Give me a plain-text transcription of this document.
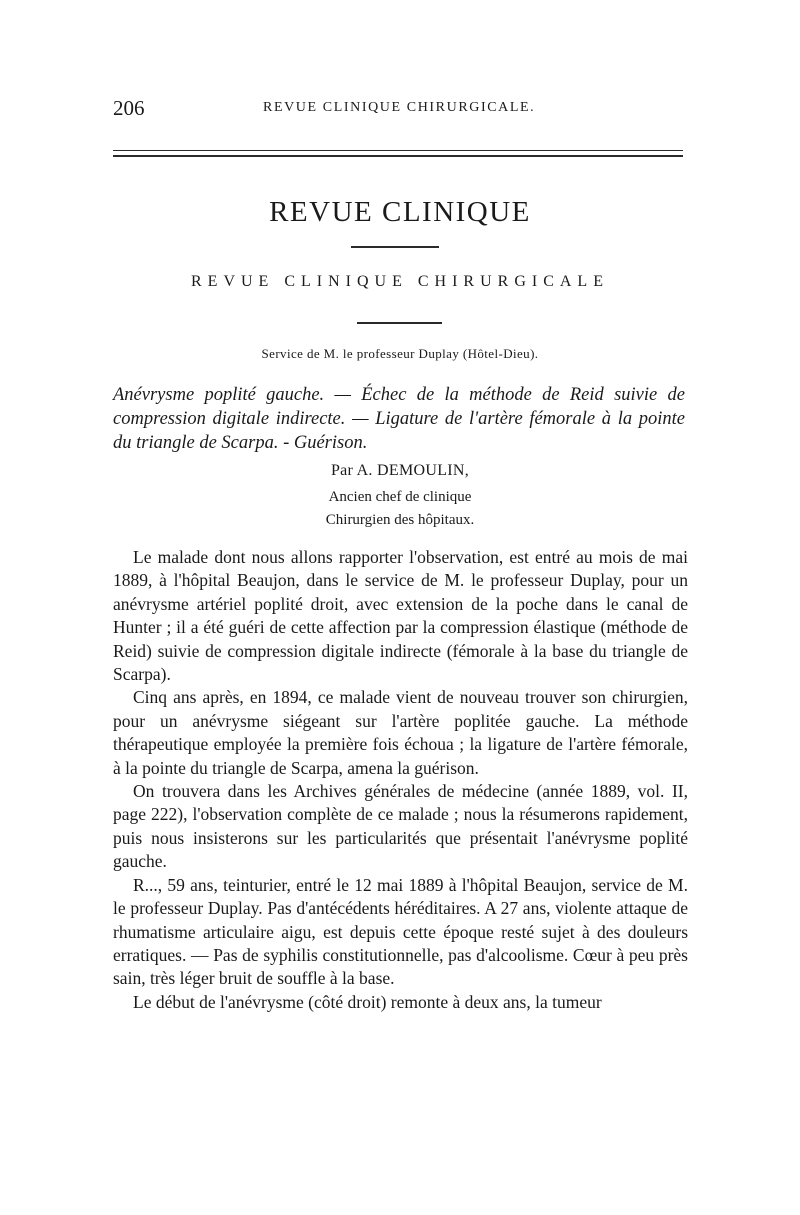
206	REVUE CLINIQUE CHIRURGICALE.
REVUE CLINIQUE
REVUE CLINIQUE CHIRURGICALE
Service de M. le professeur Duplay (Hôtel-Dieu).
Anévrysme poplité gauche. — Échec de la méthode de Reid suivie de compression digitale indirecte. — Ligature de l'artère fémorale à la pointe du triangle de Scarpa. - Guérison.
Par A. DEMOULIN,
Ancien chef de clinique
Chirurgien des hôpitaux.

Le malade dont nous allons rapporter l'observation, est entré au mois de mai 1889, à l'hôpital Beaujon, dans le service de M. le professeur Duplay, pour un anévrysme artériel poplité droit, avec extension de la poche dans le canal de Hunter ; il a été guéri de cette affection par la compression élastique (méthode de Reid) suivie de compression digitale indirecte (fémorale à la base du triangle de Scarpa).

Cinq ans après, en 1894, ce malade vient de nouveau trouver son chirurgien, pour un anévrysme siégeant sur l'artère poplitée gauche. La méthode thérapeutique employée la première fois échoua ; la ligature de l'artère fémorale, à la pointe du triangle de Scarpa, amena la guérison.

On trouvera dans les Archives générales de médecine (année 1889, vol. II, page 222), l'observation complète de ce malade ; nous la résumerons rapidement, puis nous insisterons sur les particularités que présentait l'anévrysme poplité gauche.

R..., 59 ans, teinturier, entré le 12 mai 1889 à l'hôpital Beaujon, service de M. le professeur Duplay. Pas d'antécédents héréditaires. A 27 ans, violente attaque de rhumatisme articulaire aigu, est depuis cette époque resté sujet à des douleurs erratiques. — Pas de syphilis constitutionnelle, pas d'alcoolisme. Cœur à peu près sain, très léger bruit de souffle à la base.

Le début de l'anévrysme (côté droit) remonte à deux ans, la tumeur
